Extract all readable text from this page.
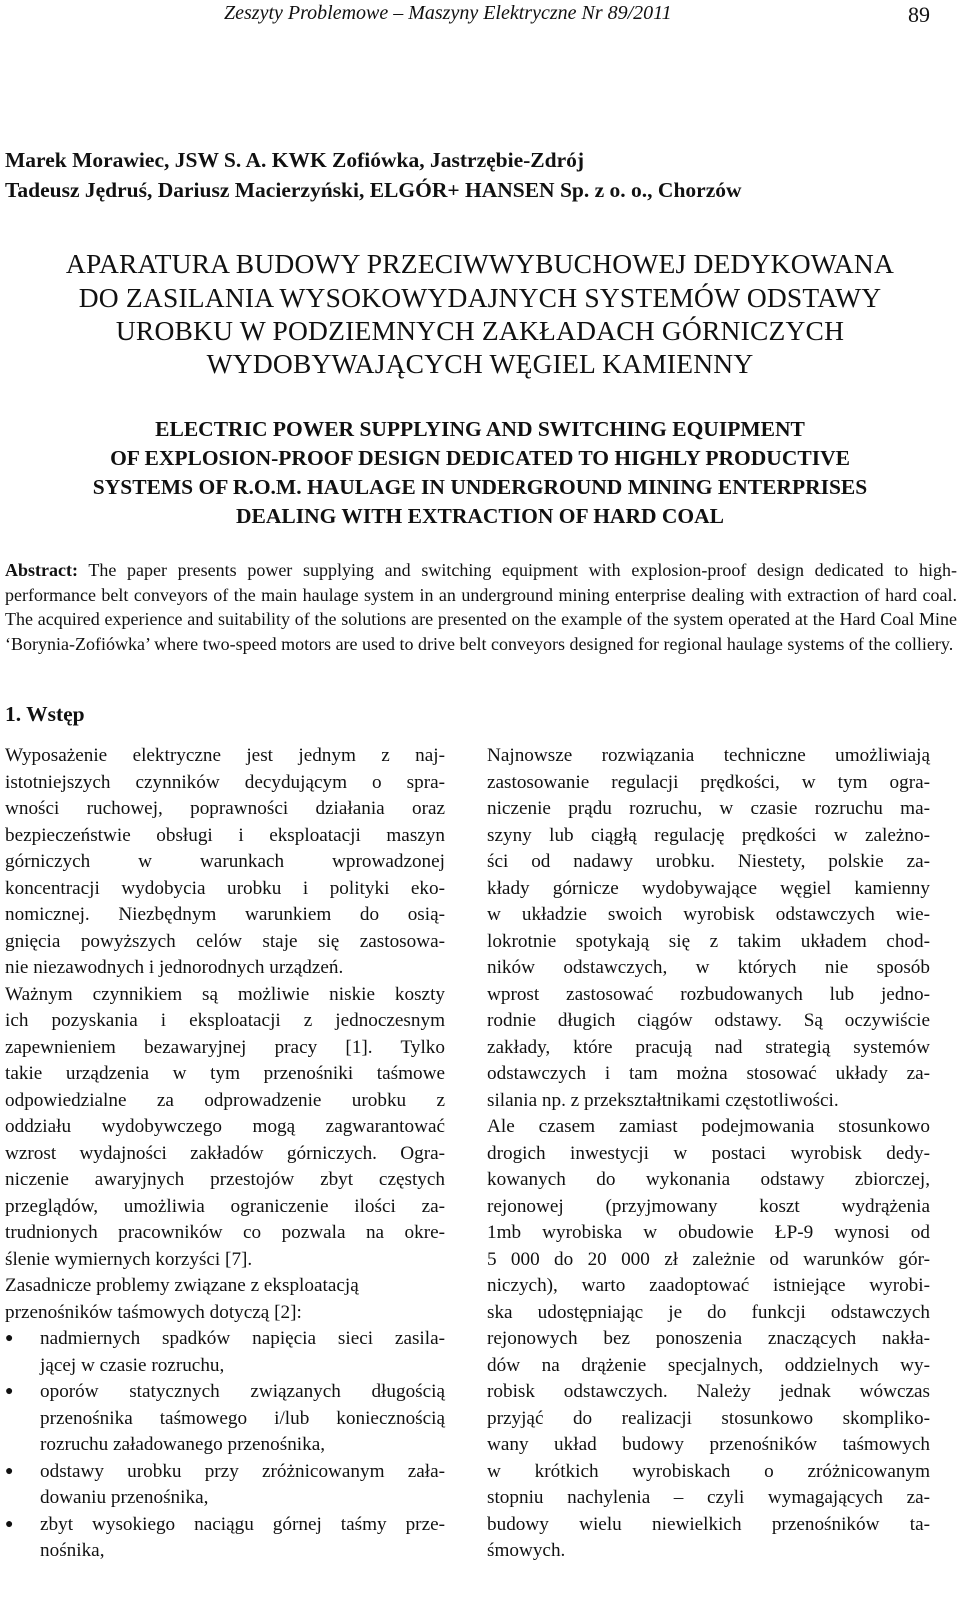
Zeszyty Problemowe – Maszyny Elektryczne Nr 89/2011	89
Marek Morawiec, JSW S. A. KWK Zofiówka, Jastrzębie-Zdrój
Tadeusz Jędruś, Dariusz Macierzyński, ELGÓR+ HANSEN Sp. z o. o., Chorzów
APARATURA BUDOWY PRZECIWWYBUCHOWEJ DEDYKOWANA
DO ZASILANIA WYSOKOWYDAJNYCH SYSTEMÓW ODSTAWY
UROBKU W PODZIEMNYCH ZAKŁADACH GÓRNICZYCH
WYDOBYWAJĄCYCH WĘGIEL KAMIENNY
ELECTRIC POWER SUPPLYING AND SWITCHING EQUIPMENT
OF EXPLOSION-PROOF DESIGN DEDICATED TO HIGHLY PRODUCTIVE
SYSTEMS OF R.O.M. HAULAGE IN UNDERGROUND MINING ENTERPRISES
DEALING WITH EXTRACTION OF HARD COAL
Abstract: The paper presents power supplying and switching equipment with explosion-proof design dedicated to high-performance belt conveyors of the main haulage system in an underground mining enterprise dealing with extraction of hard coal. The acquired experience and suitability of the solutions are presented on the example of the system operated at the Hard Coal Mine ‘Borynia-Zofiówka’ where two-speed motors are used to drive belt conveyors designed for regional haulage systems of the colliery.
1. Wstęp
Wyposażenie elektryczne jest jednym z naj-
istotniejszych czynników decydującym o spra-
wności ruchowej, poprawności działania oraz
bezpieczeństwie obsługi i eksploatacji maszyn
górniczych w warunkach wprowadzonej
koncentracji wydobycia urobku i polityki eko-
nomicznej. Niezbędnym warunkiem do osią-
gnięcia powyższych celów staje się zastosowa-
nie niezawodnych i jednorodnych urządzeń.
Ważnym czynnikiem są możliwie niskie koszty
ich pozyskania i eksploatacji z jednoczesnym
zapewnieniem bezawaryjnej pracy [1]. Tylko
takie urządzenia w tym przenośniki taśmowe
odpowiedzialne za odprowadzenie urobku z
oddziału wydobywczego mogą zagwarantować
wzrost wydajności zakładów górniczych. Ogra-
niczenie awaryjnych przestojów zbyt częstych
przeglądów, umożliwia ograniczenie ilości za-
trudnionych pracowników co pozwala na okre-
ślenie wymiernych korzyści [7].
Zasadnicze problemy związane z eksploatacją
przenośników taśmowych dotyczą [2]:
● nadmiernych spadków napięcia sieci zasila-
jącej w czasie rozruchu,
● oporów statycznych związanych długością
przenośnika taśmowego i/lub koniecznością
rozruchu załadowanego przenośnika,
● odstawy urobku przy zróżnicowanym zała-
dowaniu przenośnika,
● zbyt wysokiego naciągu górnej taśmy prze-
nośnika,
Najnowsze rozwiązania techniczne umożliwiają
zastosowanie regulacji prędkości, w tym ogra-
niczenie prądu rozruchu, w czasie rozruchu ma-
szyny lub ciągłą regulację prędkości w zależno-
ści od nadawy urobku. Niestety, polskie za-
kłady górnicze wydobywające węgiel kamienny
w układzie swoich wyrobisk odstawczych wie-
lokrotnie spotykają się z takim układem chod-
ników odstawczych, w których nie sposób
wprost zastosować rozbudowanych lub jedno-
rodnie długich ciągów odstawy. Są oczywiście
zakłady, które pracują nad strategią systemów
odstawczych i tam można stosować układy za-
silania np. z przekształtnikami częstotliwości.
Ale czasem zamiast podejmowania stosunkowo
drogich inwestycji w postaci wyrobisk dedy-
kowanych do wykonania odstawy zbiorczej,
rejonowej (przyjmowany koszt wydrążenia
1mb wyrobiska w obudowie ŁP-9 wynosi od
5 000 do 20 000 zł zależnie od warunków gór-
niczych), warto zaadoptować istniejące wyrobi-
ska udostępniając je do funkcji odstawczych
rejonowych bez ponoszenia znaczących nakła-
dów na drążenie specjalnych, oddzielnych wy-
robisk odstawczych. Należy jednak wówczas
przyjąć do realizacji stosunkowo skompliko-
wany układ budowy przenośników taśmowych
w krótkich wyrobiskach o zróżnicowanym
stopniu nachylenia – czyli wymagających za-
budowy wielu niewielkich przenośników ta-
śmowych.
